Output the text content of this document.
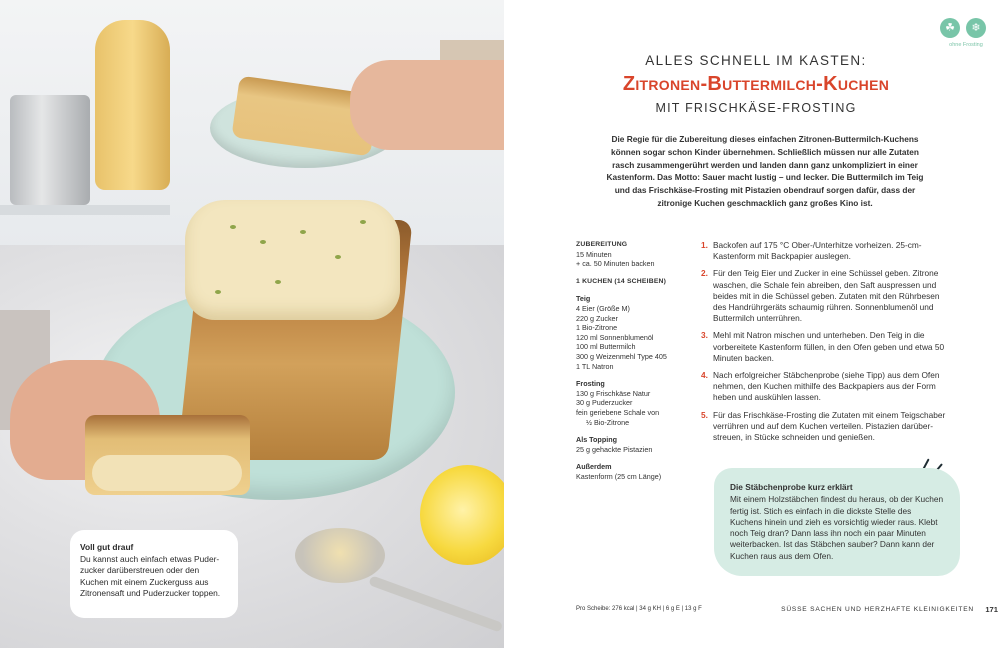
Voll gut drauf

Du kannst auch einfach etwas Puderzucker darüberstreuen oder den Kuchen mit einem Zuckerguss aus Zitronensaft und Puderzucker toppen.

☘	❄
ohne Frosting
ALLES SCHNELL IM KASTEN:
Zitronen-Buttermilch-Kuchen
MIT FRISCHKÄSE-FROSTING

Die Regie für die Zubereitung dieses einfachen Zitronen-Buttermilch-Kuchens können sogar schon Kinder übernehmen. Schließlich müssen nur alle Zutaten rasch zusammengerührt werden und landen dann ganz unkompliziert in einer Kastenform. Das Motto: Sauer macht lustig – und lecker. Die Buttermilch im Teig und das Frischkäse-Frosting mit Pistazien obendrauf sorgen dafür, dass der zitronige Kuchen geschmacklich ganz großes Kino ist.

ZUBEREITUNG

15 Minuten

+ ca. 50 Minuten backen

1 KUCHEN (14 SCHEIBEN)

Teig

4 Eier (Größe M)

220 g Zucker

1 Bio-Zitrone

120 ml Sonnenblumenöl

100 ml Buttermilch

300 g Weizenmehl Type 405

1 TL Natron

Frosting

130 g Frischkäse Natur

30 g Puderzucker

fein geriebene Schale von

½ Bio-Zitrone

Als Topping

25 g gehackte Pistazien

Außerdem

Kastenform (25 cm Länge)

1. Backofen auf 175 °C Ober-/Unterhitze vorheizen. 25-cm-Kastenform mit Backpapier auslegen.
2. Für den Teig Eier und Zucker in eine Schüssel geben. Zitrone waschen, die Schale fein abreiben, den Saft auspressen und beides mit in die Schüssel geben. Zutaten mit den Rührbesen des Handrührgeräts schaumig rühren. Sonnenblumenöl und Buttermilch unterrühren.
3. Mehl mit Natron mischen und unterheben. Den Teig in die vorbereitete Kastenform füllen, in den Ofen geben und etwa 50 Minuten backen.
4. Nach erfolgreicher Stäbchenprobe (siehe Tipp) aus dem Ofen nehmen, den Kuchen mithilfe des Backpapiers aus der Form heben und auskühlen lassen.
5. Für das Frischkäse-Frosting die Zutaten mit einem Teigschaber verrühren und auf dem Kuchen verteilen. Pistazien darüberstreuen, in Stücke schneiden und genießen.

Die Stäbchenprobe kurz erklärt

Mit einem Holzstäbchen findest du heraus, ob der Kuchen fertig ist. Stich es einfach in die dickste Stelle des Kuchens hinein und zieh es vorsichtig wieder raus. Klebt noch Teig dran? Dann lass ihn noch ein paar Minuten weiterbacken. Ist das Stäbchen sauber? Dann kann der Kuchen raus aus dem Ofen.

Pro Scheibe: 276 kcal | 34 g KH | 6 g E | 13 g F	SÜSSE SACHEN UND HERZHAFTE KLEINIGKEITEN 171
